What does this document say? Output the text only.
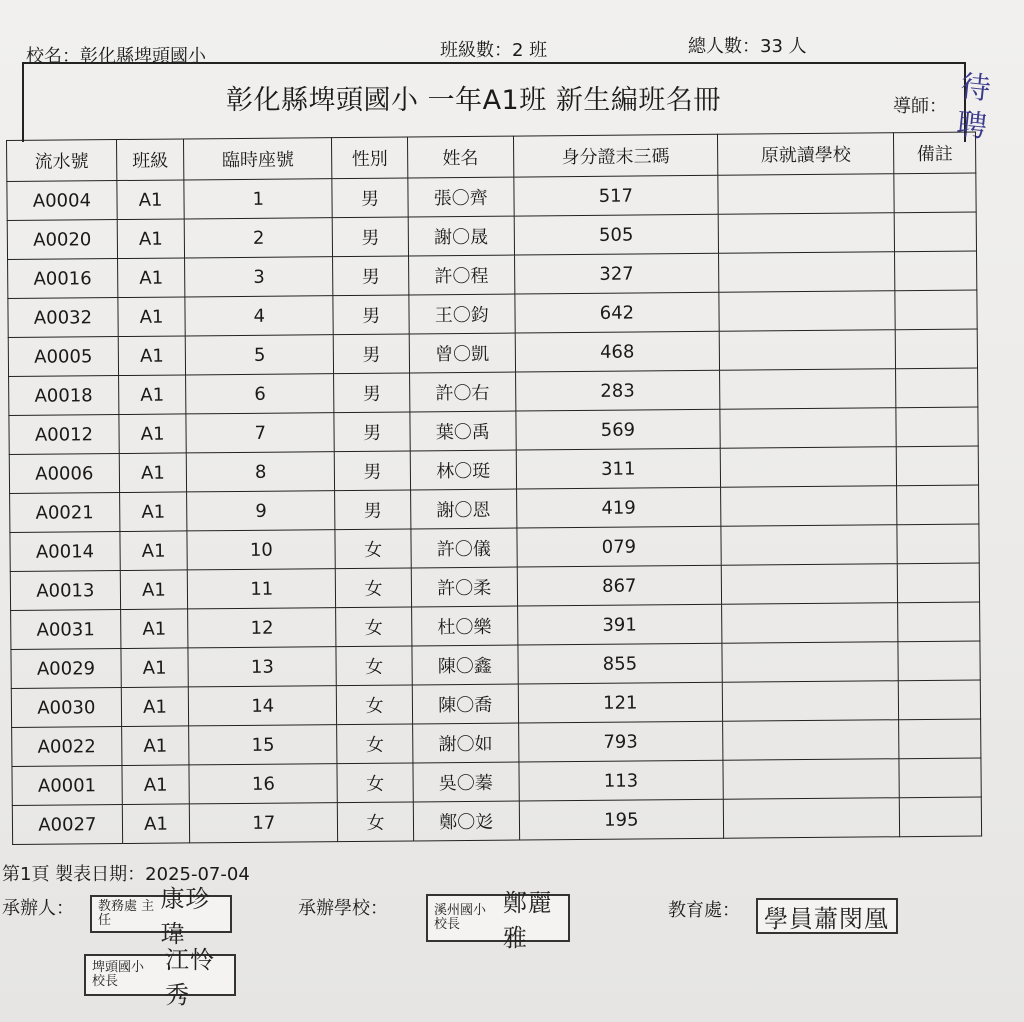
校名：彰化縣埤頭國小	班級數：2 班	總人數：33 人
彰化縣埤頭國小 一年A1班 新生編班名冊	導師： 待聘
流水號	班級	臨時座號	性別	姓名	身分證末三碼	原就讀學校	備註
A0004	A1	1	男	張〇齊	517		
A0020	A1	2	男	謝〇晟	505		
A0016	A1	3	男	許〇程	327		
A0032	A1	4	男	王〇鈞	642		
A0005	A1	5	男	曾〇凱	468		
A0018	A1	6	男	許〇右	283		
A0012	A1	7	男	葉〇禹	569		
A0006	A1	8	男	林〇珽	311		
A0021	A1	9	男	謝〇恩	419		
A0014	A1	10	女	許〇儀	079		
A0013	A1	11	女	許〇柔	867		
A0031	A1	12	女	杜〇樂	391		
A0029	A1	13	女	陳〇鑫	855		
A0030	A1	14	女	陳〇喬	121		
A0022	A1	15	女	謝〇如	793		
A0001	A1	16	女	吳〇蓁	113		
A0027	A1	17	女	鄭〇彣	195		
第1頁 製表日期：2025-07-04
承辦人：	承辦學校：	教育處：
教務處 主任
康珍瑋
溪州國小 校長
鄭麗雅
學員蕭閔凰
埤頭國小 校長
江怜秀
